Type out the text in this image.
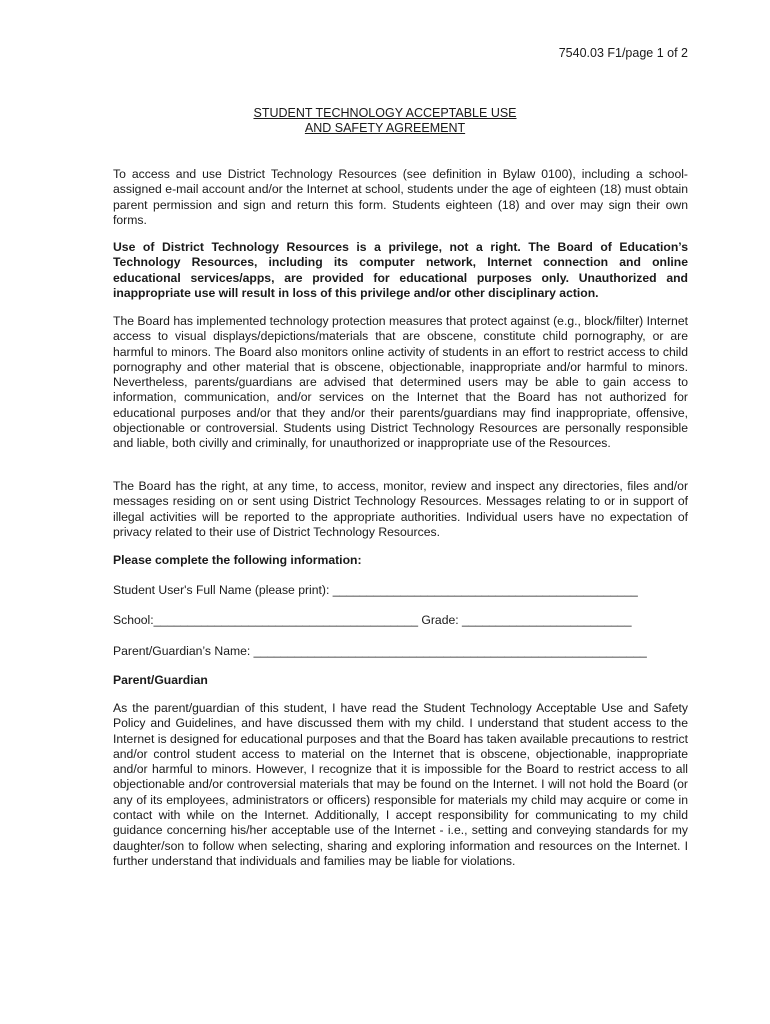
7540.03 F1/page 1 of 2
STUDENT TECHNOLOGY ACCEPTABLE USE
AND SAFETY AGREEMENT

To access and use District Technology Resources (see definition in Bylaw 0100), including a school-assigned e-mail account and/or the Internet at school, students under the age of eighteen (18) must obtain parent permission and sign and return this form. Students eighteen (18) and over may sign their own forms.

Use of District Technology Resources is a privilege, not a right. The Board of Education’s Technology Resources, including its computer network, Internet connection and online educational services/apps, are provided for educational purposes only. Unauthorized and inappropriate use will result in loss of this privilege and/or other disciplinary action.

The Board has implemented technology protection measures that protect against (e.g., block/filter) Internet access to visual displays/depictions/materials that are obscene, constitute child pornography, or are harmful to minors. The Board also monitors online activity of students in an effort to restrict access to child pornography and other material that is obscene, objectionable, inappropriate and/or harmful to minors. Nevertheless, parents/guardians are advised that determined users may be able to gain access to information, communication, and/or services on the Internet that the Board has not authorized for educational purposes and/or that they and/or their parents/guardians may find inappropriate, offensive, objectionable or controversial. Students using District Technology Resources are personally responsible and liable, both civilly and criminally, for unauthorized or inappropriate use of the Resources.

The Board has the right, at any time, to access, monitor, review and inspect any directories, files and/or messages residing on or sent using District Technology Resources. Messages relating to or in support of illegal activities will be reported to the appropriate authorities. Individual users have no expectation of privacy related to their use of District Technology Resources.

Please complete the following information:
Student User's Full Name (please print): _____________________________________________
School:_______________________________________ Grade: _________________________
Parent/Guardian’s Name: __________________________________________________________
Parent/Guardian

As the parent/guardian of this student, I have read the Student Technology Acceptable Use and Safety Policy and Guidelines, and have discussed them with my child. I understand that student access to the Internet is designed for educational purposes and that the Board has taken available precautions to restrict and/or control student access to material on the Internet that is obscene, objectionable, inappropriate and/or harmful to minors. However, I recognize that it is impossible for the Board to restrict access to all objectionable and/or controversial materials that may be found on the Internet. I will not hold the Board (or any of its employees, administrators or officers) responsible for materials my child may acquire or come in contact with while on the Internet. Additionally, I accept responsibility for communicating to my child guidance concerning his/her acceptable use of the Internet - i.e., setting and conveying standards for my daughter/son to follow when selecting, sharing and exploring information and resources on the Internet. I further understand that individuals and families may be liable for violations.
